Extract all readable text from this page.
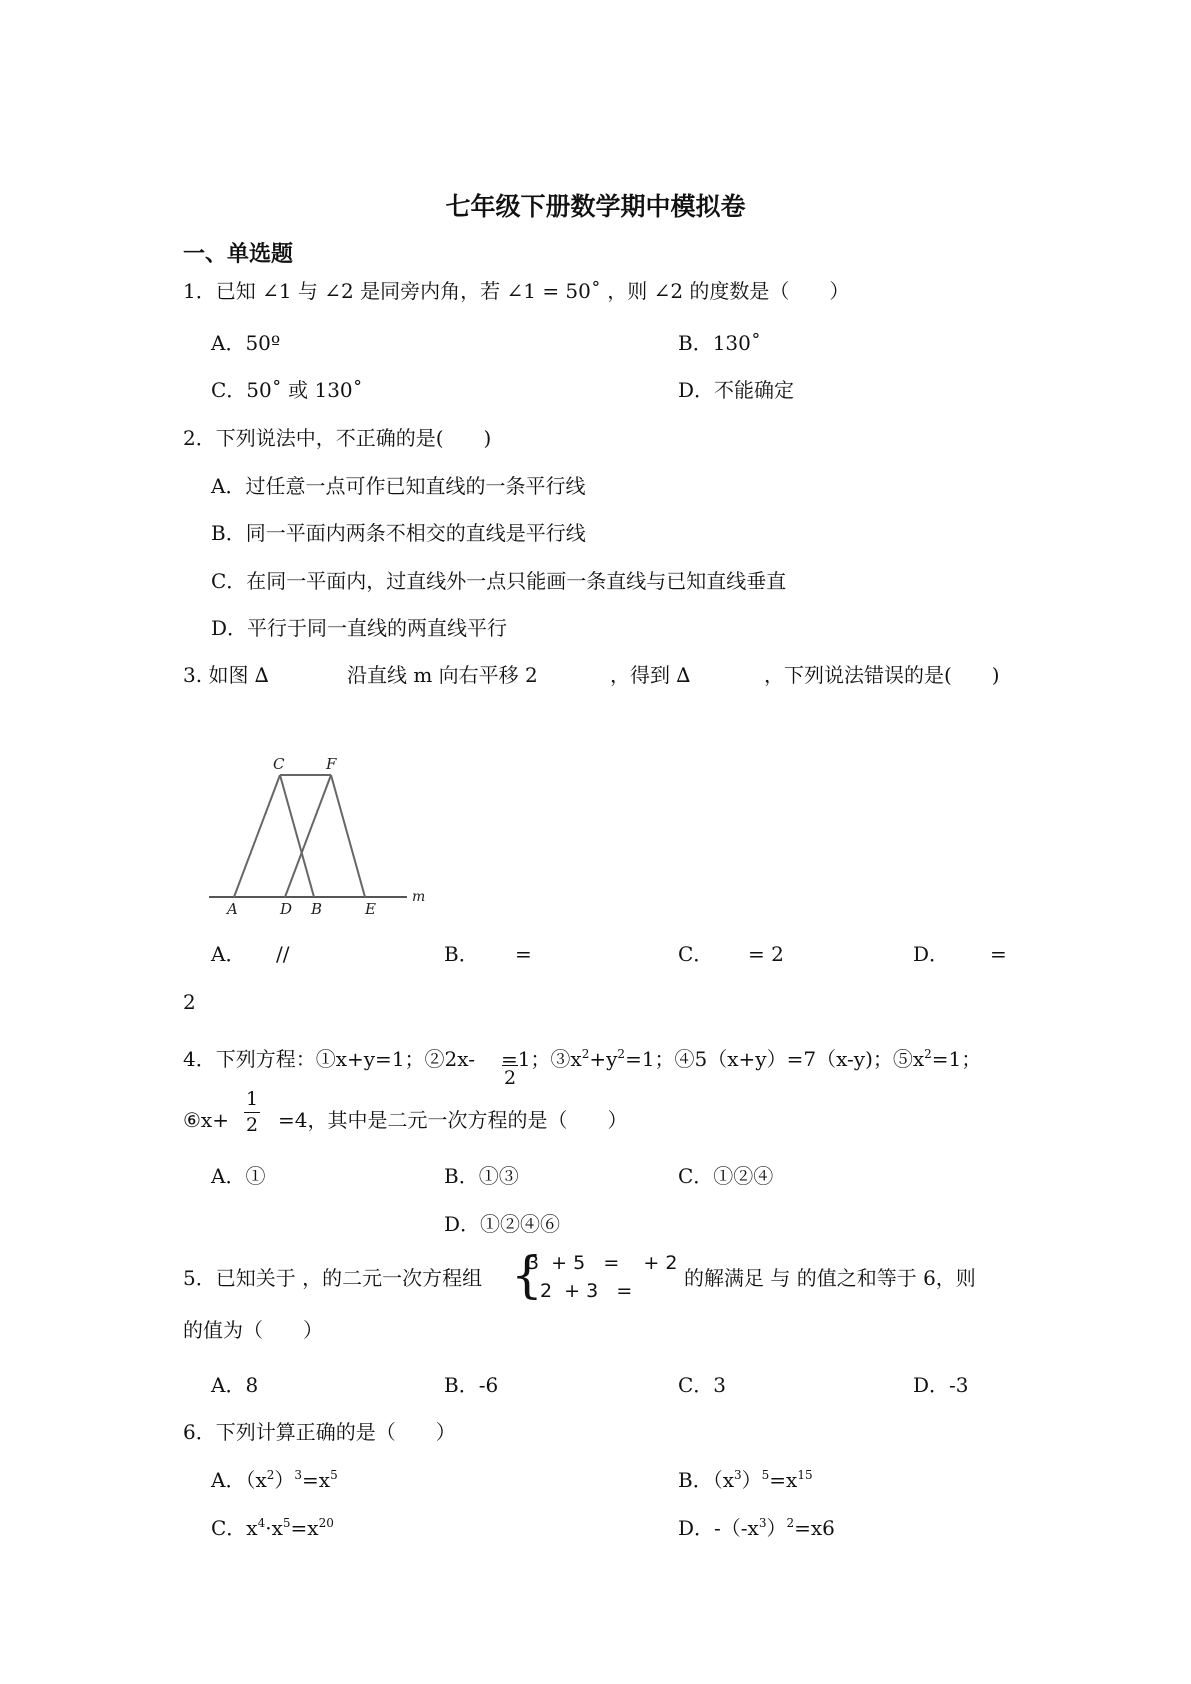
七年级下册数学期中模拟卷
一、单选题
1．已知 ∠1 与 ∠2 是同旁内角，若 ∠1 = 50˚ ，则 ∠2 的度数是（　　）
A．50º	B．130˚
C．50˚ 或 130˚	D．不能确定
2．下列说法中，不正确的是(　　)
A．过任意一点可作已知直线的一条平行线
B．同一平面内两条不相交的直线是平行线
C．在同一平面内，过直线外一点只能画一条直线与已知直线垂直
D．平行于同一直线的两直线平行
3. 如图 ∆	沿直线 m 向右平移 2	，得到 ∆	，下列说法错误的是(　　)
C	F
A	D B	E
m
A． //	B． =	C． = 2	D． =
2
4．下列方程：①x+y=1；②2x- =1；$③x^2+y^2=1$；④5（x+y）=7（x-y)；$⑤x^2=1$；
2
⑥x+
1
2 =4，其中是二元一次方程的是（　　）
A．①	B．①③	C．①②④
D．①②④⑥
5．已知关于 ，的二元一次方程组 {
3  + 5   =    + 2
2  + 3   =
的解满足 与 的值之和等于 6，则
的值为（　　）
A．8	B．-6	C．3	D．-3
6．下列计算正确的是（　　）
A．$(x^2)^3=x^5$	B．$(x^3)^5=x^{15}$
C．$x^4\cdot x^5=x^{20}$	D．$-(-x^3)^2=x6$
